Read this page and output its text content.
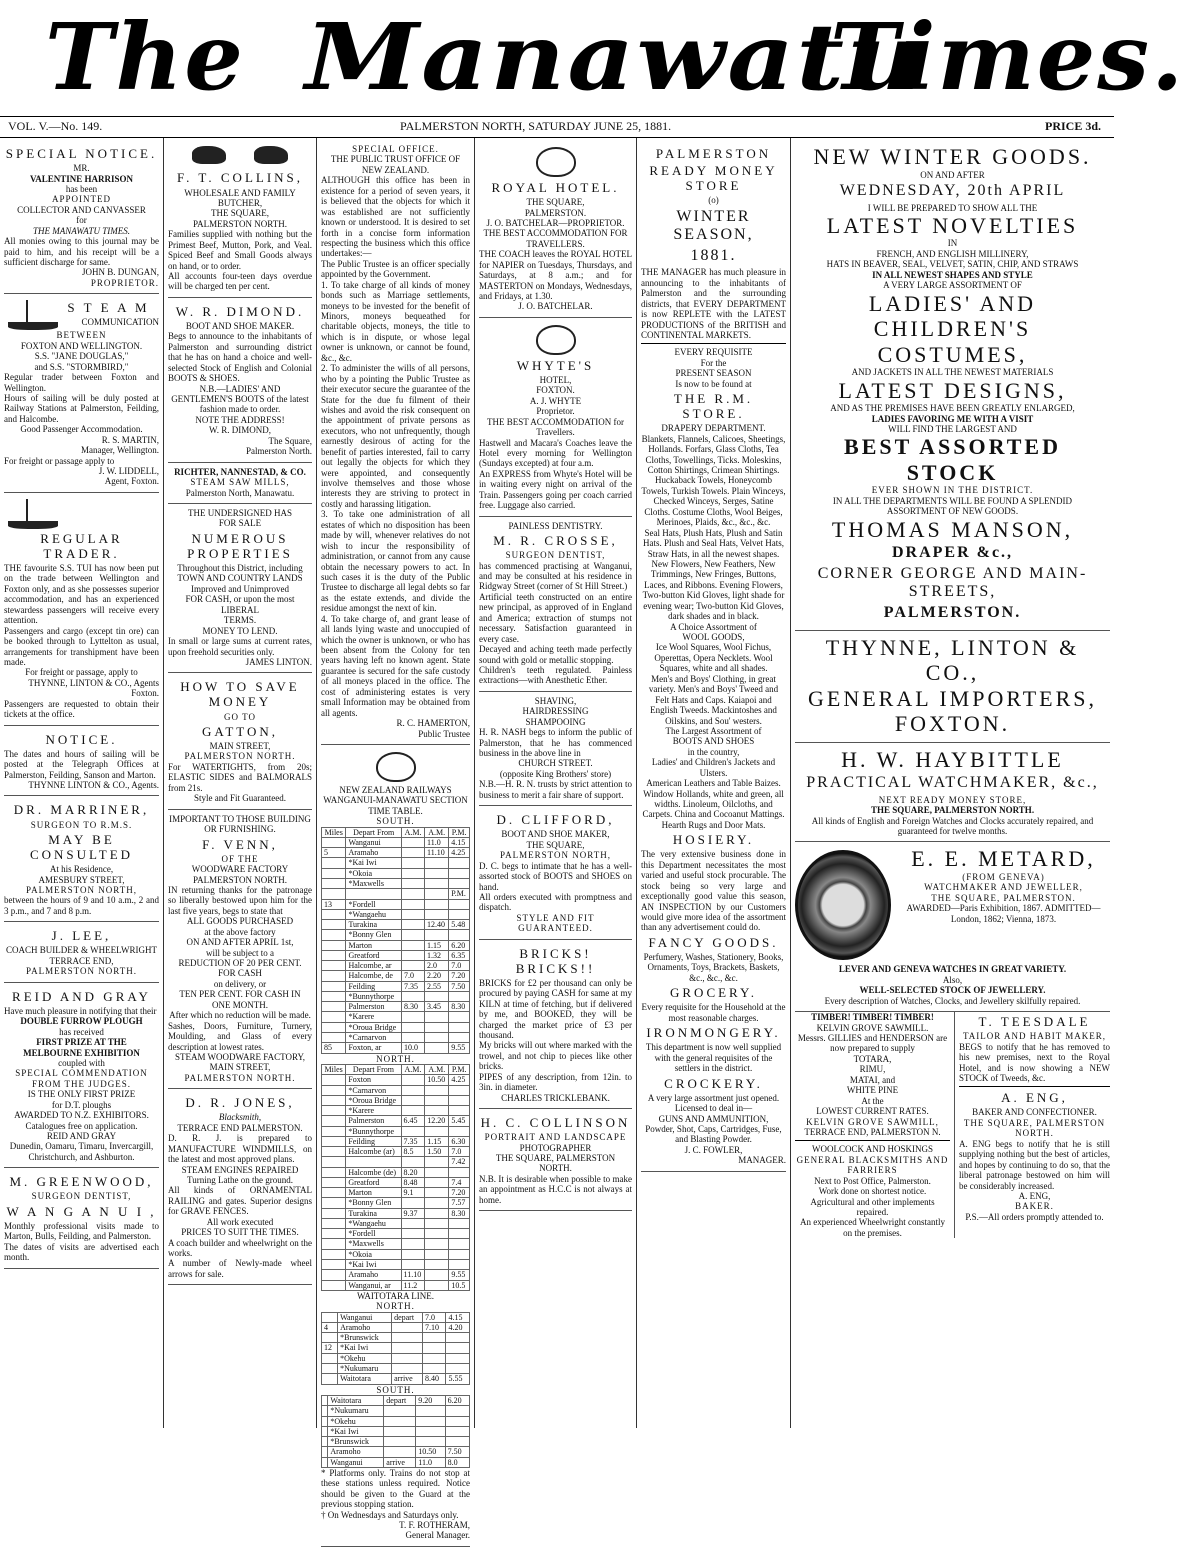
The Manawatu
Times.
VOL. V.—No. 149.	PALMERSTON NORTH, SATURDAY JUNE 25, 1881.	PRICE 3d.
SPECIAL NOTICE.
MR.
VALENTINE HARRISON
has been
APPOINTED
COLLECTOR AND CANVASSER
for
THE MANAWATU TIMES.
All monies owing to this journal may be paid to him, and his receipt will be a sufficient discharge for same.
JOHN B. DUNGAN,
PROPRIETOR.
S T E A M
COMMUNICATION
BETWEEN
FOXTON AND WELLINGTON.
S.S. "JANE DOUGLAS,"
and S.S. "STORMBIRD,"
Regular trader between Foxton and Wellington.
Hours of sailing will be duly posted at Railway Stations at Palmerston, Feilding, and Halcombe.
Good Passenger Accommodation.
R. S. MARTIN,
Manager, Wellington.
For freight or passage apply to
J. W. LIDDELL,
Agent, Foxton.
REGULAR TRADER.
THE favourite S.S. TUI has now been put on the trade between Wellington and Foxton only, and as she possesses superior accommodation, and has an experienced stewardess passengers will receive every attention.
Passengers and cargo (except tin ore) can be booked through to Lyttelton as usual, arrangements for transhipment have been made.
For freight or passage, apply to
THYNNE, LINTON & CO., Agents Foxton.
Passengers are requested to obtain their tickets at the office.
NOTICE.
The dates and hours of sailing will be posted at the Telegraph Offices at Palmerston, Feilding, Sanson and Marton.
THYNNE LINTON & CO., Agents.
DR. MARRINER,
SURGEON TO R.M.S.
MAY BE CONSULTED
At his Residence,
AMESBURY STREET,
PALMERSTON NORTH,
between the hours of 9 and 10 a.m., 2 and 3 p.m., and 7 and 8 p.m.
J. LEE,
COACH BUILDER & WHEELWRIGHT
TERRACE END,
PALMERSTON NORTH.
REID AND GRAY
Have much pleasure in notifying that their
DOUBLE FURROW PLOUGH
has received
FIRST PRIZE AT THE
MELBOURNE EXHIBITION
coupled with
SPECIAL COMMENDATION FROM THE JUDGES.
IS THE ONLY FIRST PRIZE
for D.T. ploughs
AWARDED TO N.Z. EXHIBITORS.
Catalogues free on application.
REID AND GRAY
Dunedin, Oamaru, Timaru, Invercargill, Christchurch, and Ashburton.
M. GREENWOOD,
SURGEON DENTIST,
W A N G A N U I ,
Monthly professional visits made to Marton, Bulls, Feilding, and Palmerston.
The dates of visits are advertised each month.
F. T. COLLINS,
WHOLESALE AND FAMILY BUTCHER,
THE SQUARE,
PALMERSTON NORTH.
Families supplied with nothing but the Primest Beef, Mutton, Pork, and Veal. Spiced Beef and Small Goods always on hand, or to order.
All accounts four-teen days overdue will be charged ten per cent.
W. R. DIMOND.
BOOT AND SHOE MAKER.
Begs to announce to the inhabitants of Palmerston and surrounding district that he has on hand a choice and well-selected Stock of English and Colonial BOOTS & SHOES.
N.B.—LADIES' AND GENTLEMEN'S BOOTS of the latest fashion made to order.
NOTE THE ADDRESS!
W. R. DIMOND,
The Square,
Palmerston North.
RICHTER, NANNESTAD, & CO.
STEAM SAW MILLS,
Palmerston North, Manawatu.
THE UNDERSIGNED HAS
FOR SALE
NUMEROUS PROPERTIES
Throughout this District, including
TOWN AND COUNTRY LANDS
Improved and Unimproved
FOR CASH, or upon the most LIBERAL
TERMS.
MONEY TO LEND.
In small or large sums at current rates, upon freehold securities only.
JAMES LINTON.
HOW TO SAVE MONEY
GO TO
GATTON,
MAIN STREET,
PALMERSTON NORTH.
For WATERTIGHTS, from 20s; ELASTIC SIDES and BALMORALS from 21s.
Style and Fit Guaranteed.
IMPORTANT TO THOSE BUILDING OR FURNISHING.
F. VENN,
OF THE
WOODWARE FACTORY
PALMERSTON NORTH.
IN returning thanks for the patronage so liberally bestowed upon him for the last five years, begs to state that
ALL GOODS PURCHASED
at the above factory
ON AND AFTER APRIL 1st,
will be subject to a
REDUCTION OF 20 PER CENT.
FOR CASH
on delivery, or
TEN PER CENT. FOR CASH IN
ONE MONTH.
After which no reduction will be made.
Sashes, Doors, Furniture, Turnery, Moulding, and Glass of every description at lowest rates.
STEAM WOODWARE FACTORY,
MAIN STREET,
PALMERSTON NORTH.
D. R. JONES,
Blacksmith,
TERRACE END PALMERSTON.
D. R. J. is prepared to MANUFACTURE WINDMILLS, on the latest and most approved plans.
STEAM ENGINES REPAIRED
Turning Lathe on the ground.
All kinds of ORNAMENTAL RAILING and gates. Superior designs for GRAVE FENCES.
All work executed
PRICES TO SUIT THE TIMES.
A coach builder and wheelwright on the works.
A number of Newly-made wheel arrows for sale.
SPECIAL OFFICE.
THE PUBLIC TRUST OFFICE OF NEW ZEALAND.
ALTHOUGH this office has been in existence for a period of seven years, it is believed that the objects for which it was established are not sufficiently known or understood. It is desired to set forth in a concise form information respecting the business which this office undertakes:—
The Public Trustee is an officer specially appointed by the Government.
1. To take charge of all kinds of money bonds such as Marriage settlements, moneys to be invested for the benefit of Minors, moneys bequeathed for charitable objects, moneys, the title to which is in dispute, or whose legal owner is unknown, or cannot be found, &c., &c.
2. To administer the wills of all persons, who by a pointing the Public Trustee as their executor secure the guarantee of the State for the due fu filment of their wishes and avoid the risk consequent on the appointment of private persons as executors, who not unfrequently, though earnestly desirous of acting for the benefit of parties interested, fail to carry out legally the objects for which they were appointed, and consequently involve themselves and those whose interests they are striving to protect in costly and harassing litigation.
3. To take one administration of all estates of which no disposition has been made by will, whenever relatives do not wish to incur the responsibility of administration, or cannot from any cause obtain the necessary powers to act. In such cases it is the duty of the Public Trustee to discharge all legal debts so far as the estate extends, and divide the residue amongst the next of kin.
4. To take charge of, and grant lease of all lands lying waste and unoccupied of which the owner is unknown, or who has been absent from the Colony for ten years having left no known agent. State guarantee is secured for the safe custody of all moneys placed in the office. The cost of administering estates is very small Information may be obtained from all agents.
R. C. HAMERTON,
Public Trustee
NEW ZEALAND RAILWAYS
WANGANUI-MANAWATU SECTION
TIME TABLE.
SOUTH.
Miles	Depart From	A.M.	A.M.	P.M.
	Wanganui		11.0	4.15
5	Aramaho		11.10	4.25
	*Kai Iwi			
	*Okoia			
	*Maxwells			
				P.M.
13	*Fordell			
	*Wangaehu			
	Turakina		12.40	5.48
	*Bonny Glen			
	Marton		1.15	6.20
	Greatford		1.32	6.35
	Halcombe, ar		2.0	7.0
	Halcombe, de	7.0	2.20	7.20
	Feilding	7.35	2.55	7.50
	*Bunnythorpe			
	Palmerston	8.30	3.45	8.30
	*Karere			
	*Oroua Bridge			
	*Carnarvon			
85	Foxton, ar	10.0		9.55
NORTH.
Miles	Depart From	A.M.	A.M.	P.M.
	Foxton		10.50	4.25
	*Carnarvon			
	*Oroua Bridge			
	*Karere			
	Palmerston	6.45	12.20	5.45
	*Bunnythorpe			
	Feilding	7.35	1.15	6.30
	Halcombe (ar)	8.5	1.50	7.0
				7.42
	Halcombe (de)	8.20		
	Greatford	8.48		7.4
	Marton	9.1		7.20
	*Bonny Glen			7.57
	Turakina	9.37		8.30
	*Wangaehu			
	*Fordell			
	*Maxwells			
	*Okoia			
	*Kai Iwi			
	Aramaho	11.10		9.55
	Wanganui, ar	11.2		10.5
WAITOTARA LINE.
NORTH.
	Wanganui	depart	7.0	4.15
4	Aramoho		7.10	4.20
	*Brunswick			
12	*Kai Iwi			
	*Okehu			
	*Nukumaru			
	Waitotara	arrive	8.40	5.55
SOUTH.
	Waitotara	depart	9.20	6.20
	*Nukumaru			
	*Okehu			
	*Kai Iwi			
	*Brunswick			
	Aramoho		10.50	7.50
	Wanganui	arrive	11.0	8.0
* Platforms only. Trains do not stop at these stations unless required. Notice should be given to the Guard at the previous stopping station.
† On Wednesdays and Saturdays only.
T. F. ROTHERAM,
General Manager.
ROYAL HOTEL.
THE SQUARE,
PALMERSTON.
J. O. BATCHELAR—PROPRIETOR.
THE BEST ACCOMMODATION FOR TRAVELLERS.
THE COACH leaves the ROYAL HOTEL for NAPIER on Tuesdays, Thursdays, and Saturdays, at 8 a.m.; and for MASTERTON on Mondays, Wednesdays, and Fridays, at 1.30.
J. O. BATCHELAR.
WHYTE'S
HOTEL,
FOXTON.
A. J. WHYTE
Proprietor.
THE BEST ACCOMMODATION for Travellers.
Hastwell and Macara's Coaches leave the Hotel every morning for Wellington (Sundays excepted) at four a.m.
An EXPRESS from Whyte's Hotel will be in waiting every night on arrival of the Train. Passengers going per coach carried free. Luggage also carried.
PAINLESS DENTISTRY.
M. R. CROSSE,
SURGEON DENTIST,
has commenced practising at Wanganui, and may be consulted at his residence in Ridgway Street (corner of St Hill Street.)
Artificial teeth constructed on an entire new principal, as approved of in England and America; extraction of stumps not necessary. Satisfaction guaranteed in every case.
Decayed and aching teeth made perfectly sound with gold or metallic stopping.
Children's teeth regulated. Painless extractions—with Anesthetic Ether.
SHAVING,
HAIRDRESSING
SHAMPOOING
H. R. NASH begs to inform the public of Palmerston, that he has commenced business in the above line in
CHURCH STREET.
(opposite King Brothers' store)
N.B.—H. R. N. trusts by strict attention to business to merit a fair share of support.
D. CLIFFORD,
BOOT AND SHOE MAKER,
THE SQUARE,
PALMERSTON NORTH,
D. C. begs to intimate that he has a well-assorted stock of BOOTS and SHOES on hand.
All orders executed with promptness and dispatch.
STYLE AND FIT GUARANTEED.
BRICKS! BRICKS!!
BRICKS for £2 per thousand can only be procured by paying CASH for same at my KILN at time of fetching, but if delivered by me, and BOOKED, they will be charged the market price of £3 per thousand.
My bricks will out where marked with the trowel, and not chip to pieces like other bricks.
PIPES of any description, from 12in. to 3in. in diameter.
CHARLES TRICKLEBANK.
H. C. COLLINSON
PORTRAIT AND LANDSCAPE
PHOTOGRAPHER
THE SQUARE, PALMERSTON
NORTH.
N.B. It is desirable when possible to make an appointment as H.C.C is not always at home.
PALMERSTON
READY MONEY STORE
(o)
WINTER SEASON,
1881.
THE MANAGER has much pleasure in announcing to the inhabitants of Palmerston and the surrounding districts, that EVERY DEPARTMENT is now REPLETE with the LATEST PRODUCTIONS of the BRITISH and CONTINENTAL MARKETS.
EVERY REQUISITE
For the
PRESENT SEASON
Is now to be found at
THE R.M. STORE.
DRAPERY DEPARTMENT.
Blankets, Flannels, Calicoes, Sheetings, Hollands. Forfars, Glass Cloths, Tea Cloths, Towellings, Ticks. Moleskins, Cotton Shirtings, Crimean Shirtings. Huckaback Towels, Honeycomb Towels, Turkish Towels. Plain Winceys, Checked Winceys, Serges, Satine Cloths. Costume Cloths, Wool Beiges, Merinoes, Plaids, &c., &c., &c.
Seal Hats, Plush Hats, Plush and Satin Hats. Plush and Seal Hats, Velvet Hats, Straw Hats, in all the newest shapes. New Flowers, New Feathers, New Trimmings, New Fringes, Buttons, Laces, and Ribbons. Evening Flowers, Two-button Kid Gloves, light shade for evening wear; Two-button Kid Gloves, dark shades and in black.
A Choice Assortment of
WOOL GOODS,
Ice Wool Squares, Wool Fichus, Operettas, Opera Necklets. Wool Squares, white and all shades.
Men's and Boys' Clothing, in great variety. Men's and Boys' Tweed and Felt Hats and Caps. Kaiapoi and English Tweeds. Mackintoshes and Oilskins, and Sou' westers.
The Largest Assortment of
BOOTS AND SHOES
in the country,
Ladies' and Children's Jackets and Ulsters.
American Leathers and Table Baizes. Window Hollands, white and green, all widths. Linoleum, Oilcloths, and Carpets. China and Cocoanut Mattings. Hearth Rugs and Door Mats.
HOSIERY.
The very extensive business done in this Department necessitates the most varied and useful stock procurable. The stock being so very large and exceptionally good value this season, AN INSPECTION by our Customers would give more idea of the assortment than any advertisement could do.
FANCY GOODS.
Perfumery, Washes, Stationery, Books, Ornaments, Toys, Brackets, Baskets, &c., &c., &c.
GROCERY.
Every requisite for the Household at the most reasonable charges.
IRONMONGERY.
This department is now well supplied with the general requisites of the settlers in the district.
CROCKERY.
A very large assortment just opened.
Licensed to deal in—
GUNS AND AMMUNITION,
Powder, Shot, Caps, Cartridges, Fuse, and Blasting Powder.
J. C. FOWLER,
MANAGER.
NEW WINTER GOODS.
ON AND AFTER
WEDNESDAY, 20th APRIL
I WILL BE PREPARED TO SHOW ALL THE
LATEST NOVELTIES
IN
FRENCH, AND ENGLISH MILLINERY,
HATS IN BEAVER, SEAL, VELVET, SATIN, CHIP, AND STRAWS
IN ALL NEWEST SHAPES AND STYLE
A VERY LARGE ASSORTMENT OF
LADIES' AND CHILDREN'S
COSTUMES,
AND JACKETS IN ALL THE NEWEST MATERIALS
LATEST DESIGNS,
AND AS THE PREMISES HAVE BEEN GREATLY ENLARGED,
LADIES FAVORING ME WITH A VISIT
WILL FIND THE LARGEST AND
BEST ASSORTED STOCK
EVER SHOWN IN THE DISTRICT.
IN ALL THE DEPARTMENTS WILL BE FOUND A SPLENDID
ASSORTMENT OF NEW GOODS.
THOMAS MANSON,
DRAPER &c.,
CORNER GEORGE AND MAIN-STREETS,
PALMERSTON.
THYNNE, LINTON & CO.,
GENERAL IMPORTERS,
FOXTON.
H. W. HAYBITTLE
PRACTICAL WATCHMAKER, &c.,
NEXT READY MONEY STORE,
THE SQUARE, PALMERSTON NORTH.
All kinds of English and Foreign Watches and Clocks accurately repaired, and guaranteed for twelve months.
E. E. METARD,
(FROM GENEVA)
WATCHMAKER AND JEWELLER,
THE SQUARE, PALMERSTON.
AWARDED—Paris Exhibition, 1867. ADMITTED—London, 1862; Vienna, 1873.
LEVER AND GENEVA WATCHES IN GREAT VARIETY.
Also,
WELL-SELECTED STOCK OF JEWELLERY.
Every description of Watches, Clocks, and Jewellery skilfully repaired.
TIMBER! TIMBER! TIMBER!
KELVIN GROVE SAWMILL.
Messrs. GILLIES and HENDERSON are now prepared to supply
TOTARA,
RIMU,
MATAI, and
WHITE PINE
At the
LOWEST CURRENT RATES.
KELVIN GROVE SAWMILL,
TERRACE END, PALMERSTON N.
WOOLCOCK AND HOSKINGS
GENERAL BLACKSMITHS AND FARRIERS
Next to Post Office, Palmerston.
Work done on shortest notice.
Agricultural and other implements repaired.
An experienced Wheelwright constantly on the premises.
T. TEESDALE
TAILOR AND HABIT MAKER,
BEGS to notify that he has removed to his new premises, next to the Royal Hotel, and is now showing a NEW STOCK of Tweeds, &c.
A. ENG,
BAKER AND CONFECTIONER.
THE SQUARE, PALMERSTON NORTH.
A. ENG begs to notify that he is still supplying nothing but the best of articles, and hopes by continuing to do so, that the liberal patronage bestowed on him will be considerably increased.
A. ENG,
BAKER.
P.S.—All orders promptly attended to.
